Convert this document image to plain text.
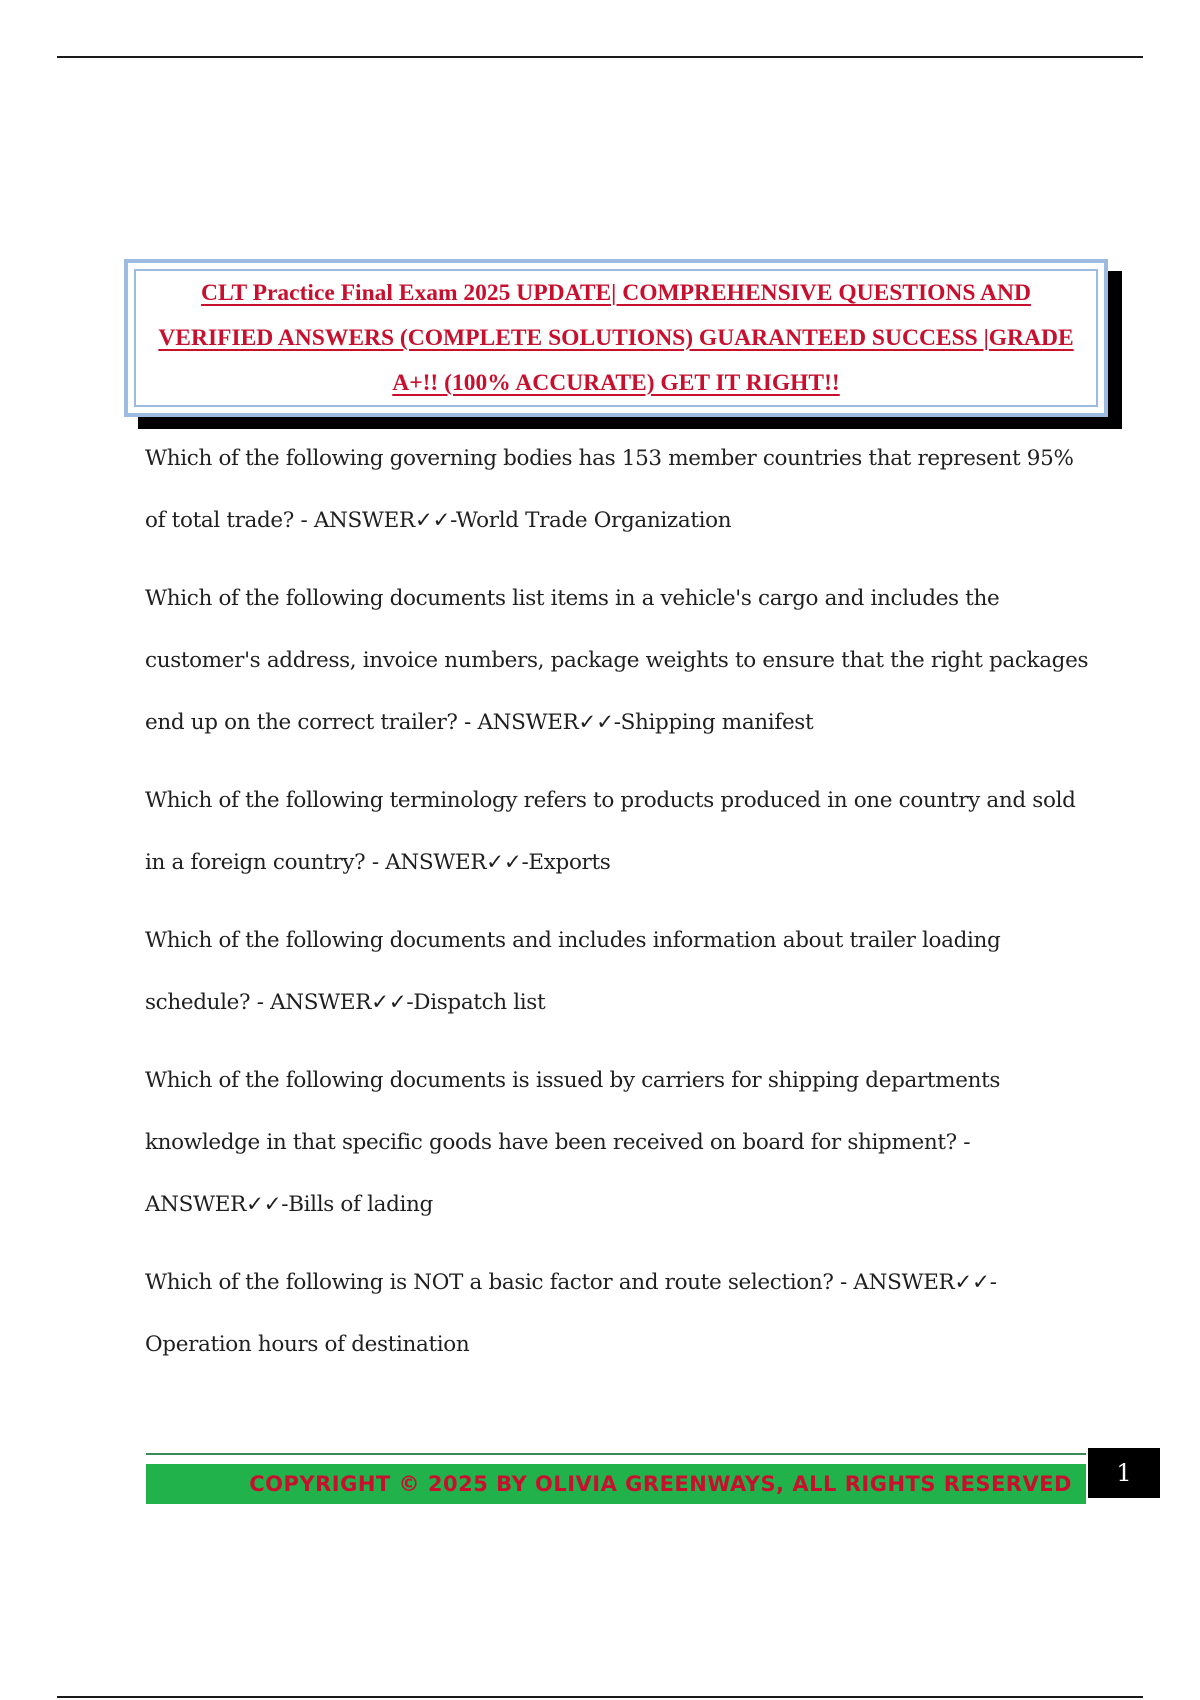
CLT Practice Final Exam 2025 UPDATE| COMPREHENSIVE QUESTIONS AND VERIFIED ANSWERS (COMPLETE SOLUTIONS) GUARANTEED SUCCESS |GRADE A+!! (100% ACCURATE) GET IT RIGHT!!

Which of the following governing bodies has 153 member countries that represent 95% of total trade? - ANSWER✓✓-World Trade Organization

Which of the following documents list items in a vehicle's cargo and includes the customer's address, invoice numbers, package weights to ensure that the right packages end up on the correct trailer? - ANSWER✓✓-Shipping manifest

Which of the following terminology refers to products produced in one country and sold in a foreign country? - ANSWER✓✓-Exports

Which of the following documents and includes information about trailer loading schedule? - ANSWER✓✓-Dispatch list

Which of the following documents is issued by carriers for shipping departments knowledge in that specific goods have been received on board for shipment? - ANSWER✓✓-Bills of lading

Which of the following is NOT a basic factor and route selection? - ANSWER✓✓-Operation hours of destination

COPYRIGHT © 2025 BY OLIVIA GREENWAYS, ALL RIGHTS RESERVED	1
